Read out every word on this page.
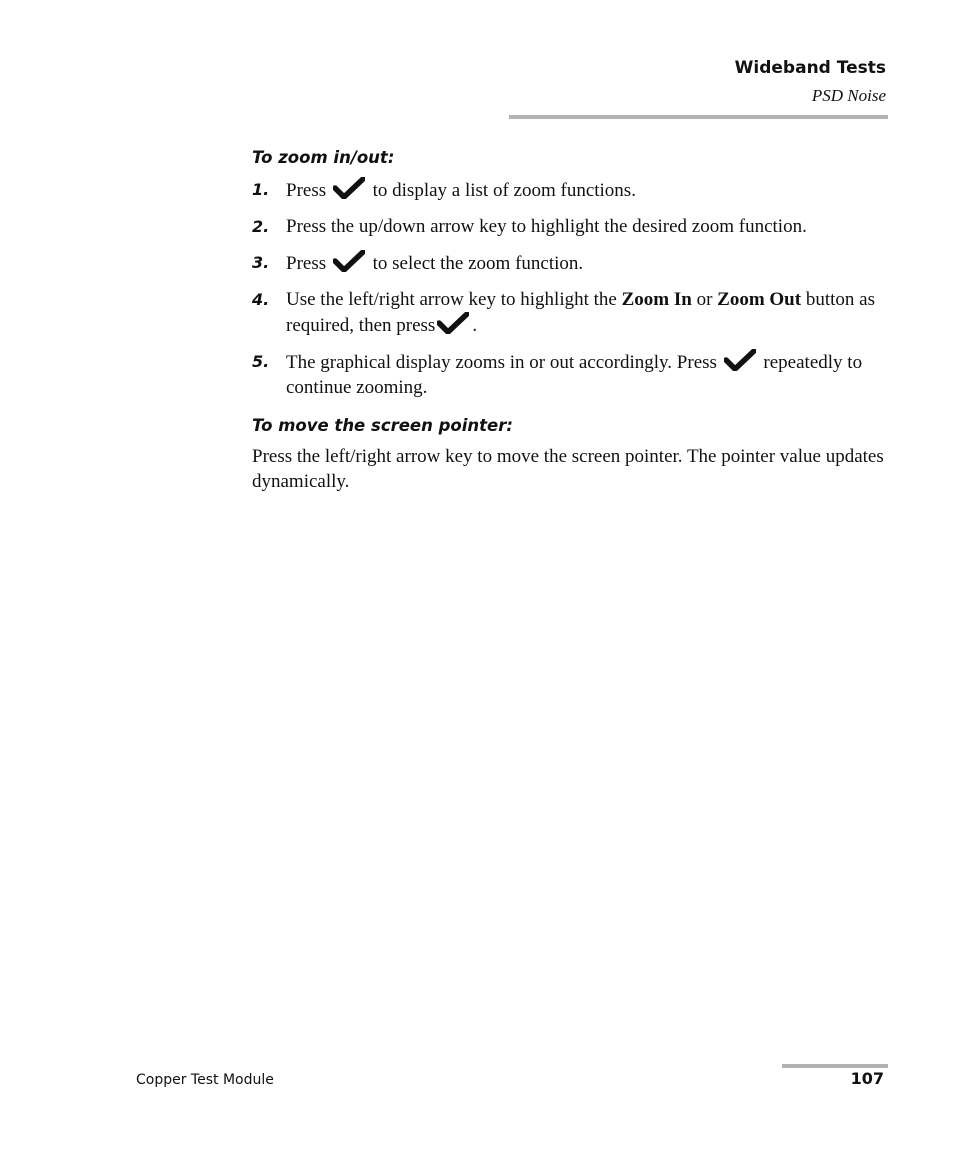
Wideband Tests
PSD Noise
To zoom in/out:
1. Press to display a list of zoom functions.
2. Press the up/down arrow key to highlight the desired zoom function.
3. Press to select the zoom function.
4. Use the left/right arrow key to highlight the Zoom In or Zoom Out button as required, then press .
5. The graphical display zooms in or out accordingly. Press repeatedly to continue zooming.
To move the screen pointer:

Press the left/right arrow key to move the screen pointer. The pointer value updates dynamically.

Copper Test Module	107
